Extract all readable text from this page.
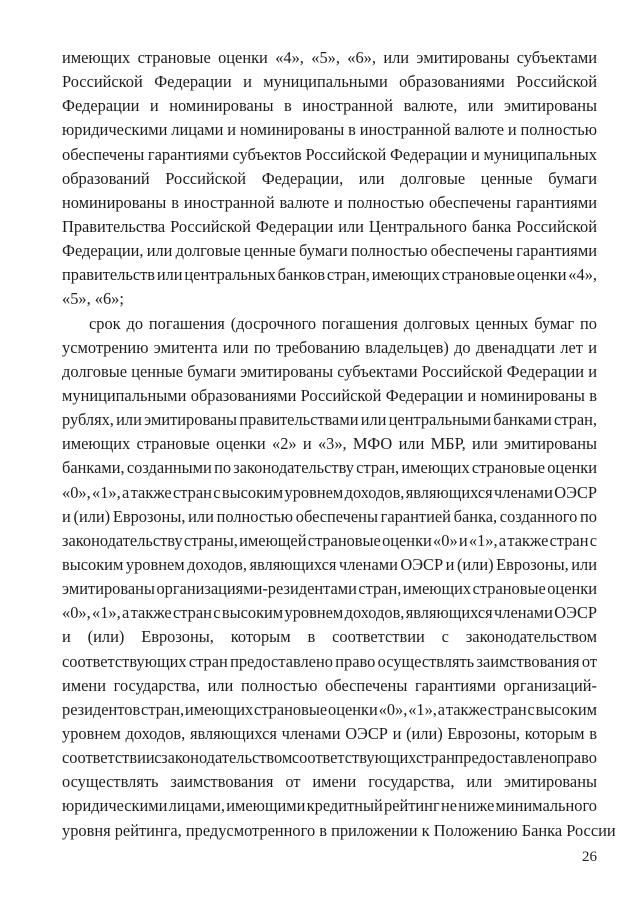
имеющих страновые оценки «4», «5», «6», или эмитированы субъектами
Российской Федерации и муниципальными образованиями Российской
Федерации и номинированы в иностранной валюте, или эмитированы
юридическими лицами и номинированы в иностранной валюте и полностью
обеспечены гарантиями субъектов Российской Федерации и муниципальных
образований Российской Федерации, или долговые ценные бумаги
номинированы в иностранной валюте и полностью обеспечены гарантиями
Правительства Российской Федерации или Центрального банка Российской
Федерации, или долговые ценные бумаги полностью обеспечены гарантиями
правительств или центральных банков стран, имеющих страновые оценки «4»,
«5», «6»;
срок до погашения (досрочного погашения долговых ценных бумаг по
усмотрению эмитента или по требованию владельцев) до двенадцати лет и
долговые ценные бумаги эмитированы субъектами Российской Федерации и
муниципальными образованиями Российской Федерации и номинированы в
рублях, или эмитированы правительствами или центральными банками стран,
имеющих страновые оценки «2» и «3», МФО или МБР, или эмитированы
банками, созданными по законодательству стран, имеющих страновые оценки
«0», «1», а также стран с высоким уровнем доходов, являющихся членами ОЭСР
и (или) Еврозоны, или полностью обеспечены гарантией банка, созданного по
законодательству страны, имеющей страновые оценки «0» и «1», а также стран с
высоким уровнем доходов, являющихся членами ОЭСР и (или) Еврозоны, или
эмитированы организациями-резидентами стран, имеющих страновые оценки
«0», «1», а также стран с высоким уровнем доходов, являющихся членами ОЭСР
и (или) Еврозоны, которым в соответствии с законодательством
соответствующих стран предоставлено право осуществлять заимствования от
имени государства, или полностью обеспечены гарантиями организаций-
резидентов стран, имеющих страновые оценки «0», «1», а также стран с высоким
уровнем доходов, являющихся членами ОЭСР и (или) Еврозоны, которым в
соответствии с законодательством соответствующих стран предоставлено право
осуществлять заимствования от имени государства, или эмитированы
юридическими лицами, имеющими кредитный рейтинг не ниже минимального
уровня рейтинга, предусмотренного в приложении к Положению Банка России
26
